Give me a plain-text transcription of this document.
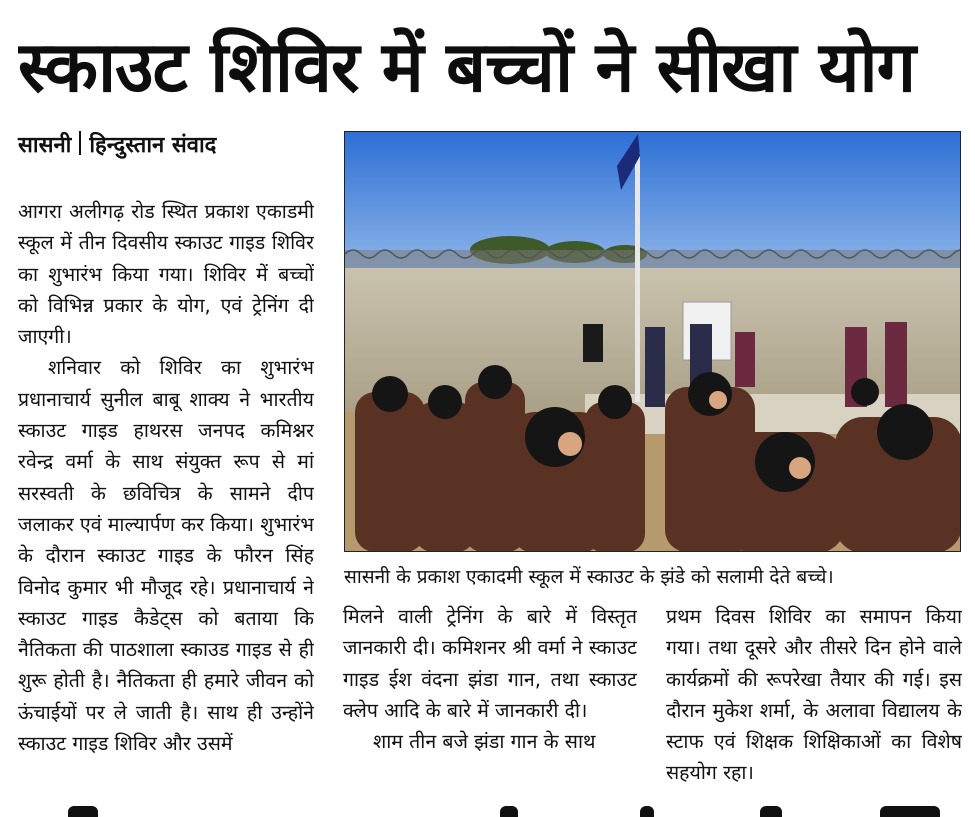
स्काउट शिविर में बच्चों ने सीखा योग
सासनी हिन्दुस्तान संवाद

आगरा अलीगढ़ रोड स्थित प्रकाश एकाडमी स्कूल में तीन दिवसीय स्काउट गाइड शिविर का शुभारंभ किया गया। शिविर में बच्चों को विभिन्न प्रकार के योग, एवं ट्रेनिंग दी जाएगी।

शनिवार को शिविर का शुभारंभ प्रधानाचार्य सुनील बाबू शाक्य ने भारतीय स्काउट गाइड हाथरस जनपद कमिश्नर रवेन्द्र वर्मा के साथ संयुक्त रूप से मां सरस्वती के छविचित्र के सामने दीप जलाकर एवं माल्यार्पण कर किया। शुभारंभ के दौरान स्काउट गाइड के फौरन सिंह विनोद कुमार भी मौजूद रहे। प्रधानाचार्य ने स्काउट गाइड कैडेट्स को बताया कि नैतिकता की पाठशाला स्काउड गाइड से ही शुरू होती है। नैतिकता ही हमारे जीवन को ऊंचाईयों पर ले जाती है। साथ ही उन्होंने स्काउट गाइड शिविर और उसमें

सासनी के प्रकाश एकादमी स्कूल में स्काउट के झंडे को सलामी देते बच्चे।

मिलने वाली ट्रेनिंग के बारे में विस्तृत जानकारी दी। कमिशनर श्री वर्मा ने स्काउट गाइड ईश वंदना झंडा गान, तथा स्काउट क्लेप आदि के बारे में जानकारी दी।

शाम तीन बजे झंडा गान के साथ

प्रथम दिवस शिविर का समापन किया गया। तथा दूसरे और तीसरे दिन होने वाले कार्यक्रमों की रूपरेखा तैयार की गई। इस दौरान मुकेश शर्मा, के अलावा विद्यालय के स्टाफ एवं शिक्षक शिक्षिकाओं का विशेष सहयोग रहा।
